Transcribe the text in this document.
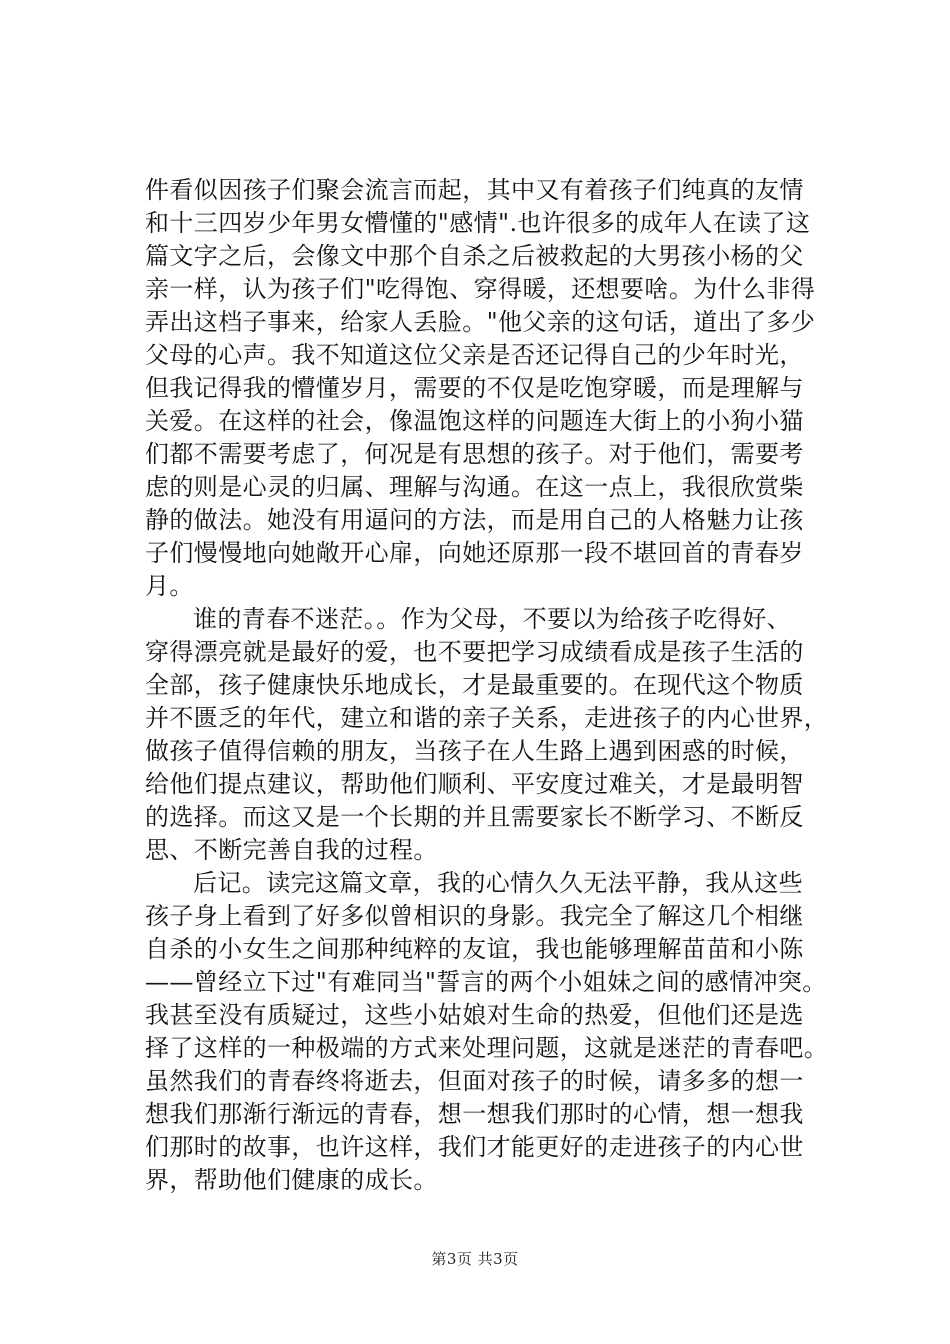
件看似因孩子们聚会流言而起，其中又有着孩子们纯真的友情
和十三四岁少年男女懵懂的"感情".也许很多的成年人在读了这
篇文字之后，会像文中那个自杀之后被救起的大男孩小杨的父
亲一样，认为孩子们"吃得饱、穿得暖，还想要啥。为什么非得
弄出这档子事来，给家人丢脸。"他父亲的这句话，道出了多少
父母的心声。我不知道这位父亲是否还记得自己的少年时光，
但我记得我的懵懂岁月，需要的不仅是吃饱穿暖，而是理解与
关爱。在这样的社会，像温饱这样的问题连大街上的小狗小猫
们都不需要考虑了，何况是有思想的孩子。对于他们，需要考
虑的则是心灵的归属、理解与沟通。在这一点上，我很欣赏柴
静的做法。她没有用逼问的方法，而是用自己的人格魅力让孩
子们慢慢地向她敞开心扉，向她还原那一段不堪回首的青春岁
月。

谁的青春不迷茫。。作为父母，不要以为给孩子吃得好、
穿得漂亮就是最好的爱，也不要把学习成绩看成是孩子生活的
全部，孩子健康快乐地成长，才是最重要的。在现代这个物质
并不匮乏的年代，建立和谐的亲子关系，走进孩子的内心世界，
做孩子值得信赖的朋友，当孩子在人生路上遇到困惑的时候，
给他们提点建议，帮助他们顺利、平安度过难关，才是最明智
的选择。而这又是一个长期的并且需要家长不断学习、不断反
思、不断完善自我的过程。

后记。读完这篇文章，我的心情久久无法平静，我从这些
孩子身上看到了好多似曾相识的身影。我完全了解这几个相继
自杀的小女生之间那种纯粹的友谊，我也能够理解苗苗和小陈
——曾经立下过"有难同当"誓言的两个小姐妹之间的感情冲突。
我甚至没有质疑过，这些小姑娘对生命的热爱，但他们还是选
择了这样的一种极端的方式来处理问题，这就是迷茫的青春吧。
虽然我们的青春终将逝去，但面对孩子的时候，请多多的想一
想我们那渐行渐远的青春，想一想我们那时的心情，想一想我
们那时的故事，也许这样，我们才能更好的走进孩子的内心世
界，帮助他们健康的成长。

第3页 共3页
